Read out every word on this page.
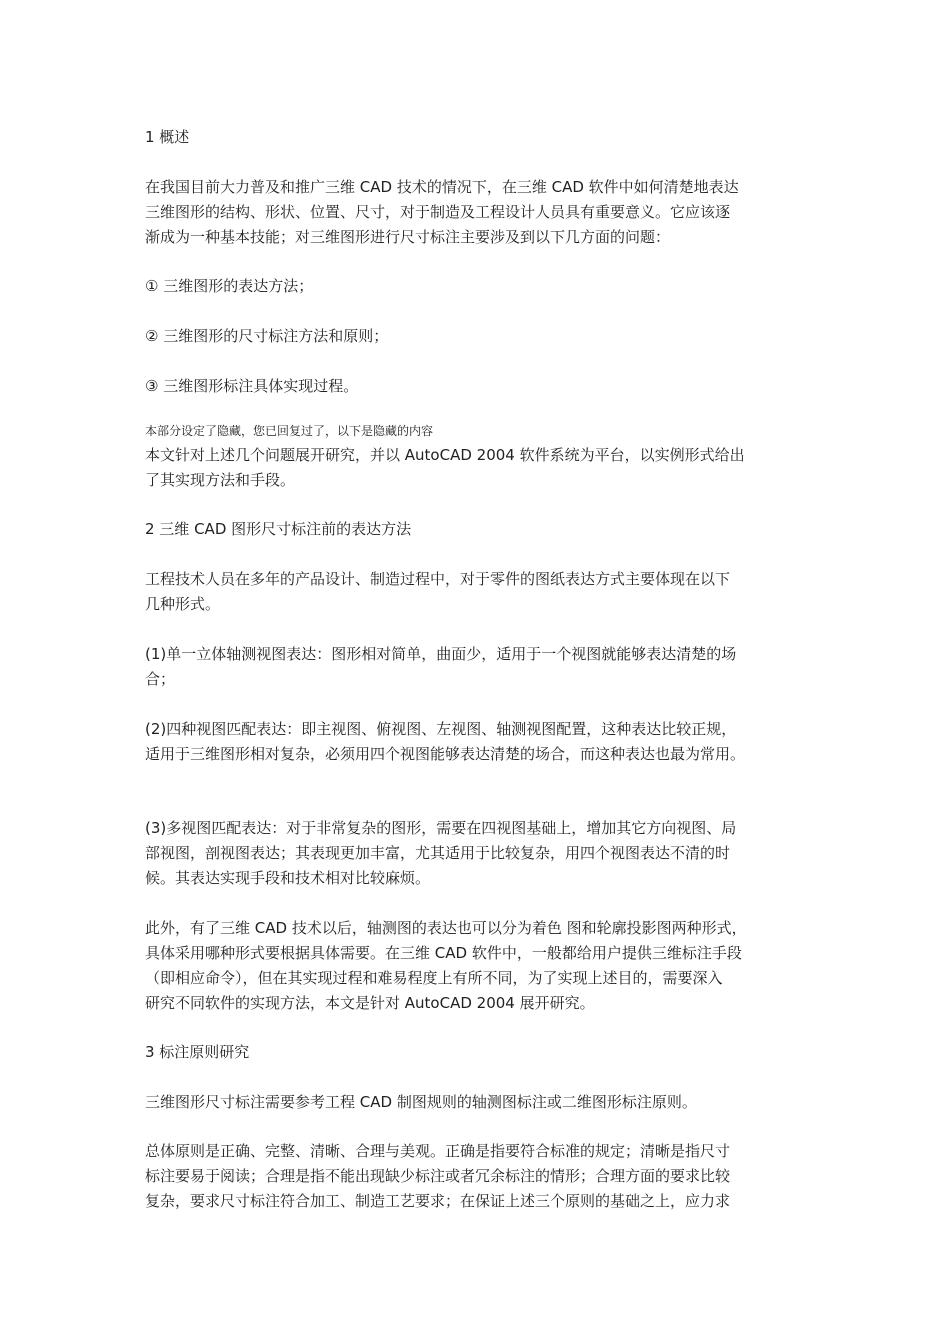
1 概述

在我国目前大力普及和推广三维 CAD 技术的情况下，在三维 CAD 软件中如何清楚地表达
三维图形的结构、形状、位置、尺寸，对于制造及工程设计人员具有重要意义。它应该逐
渐成为一种基本技能；对三维图形进行尺寸标注主要涉及到以下几方面的问题：

① 三维图形的表达方法；

② 三维图形的尺寸标注方法和原则；

③ 三维图形标注具体实现过程。

本部分设定了隐藏，您已回复过了，以下是隐藏的内容

本文针对上述几个问题展开研究，并以 AutoCAD 2004 软件系统为平台，以实例形式给出
了其实现方法和手段。

2 三维 CAD 图形尺寸标注前的表达方法

工程技术人员在多年的产品设计、制造过程中，对于零件的图纸表达方式主要体现在以下
几种形式。

(1)单一立体轴测视图表达：图形相对简单，曲面少，适用于一个视图就能够表达清楚的场
合；

(2)四种视图匹配表达：即主视图、俯视图、左视图、轴测视图配置，这种表达比较正规，
适用于三维图形相对复杂，必须用四个视图能够表达清楚的场合，而这种表达也最为常用。

(3)多视图匹配表达：对于非常复杂的图形，需要在四视图基础上，增加其它方向视图、局
部视图，剖视图表达；其表现更加丰富，尤其适用于比较复杂，用四个视图表达不清的时
候。其表达实现手段和技术相对比较麻烦。

此外，有了三维 CAD 技术以后，轴测图的表达也可以分为着色 图和轮廓投影图两种形式，
具体采用哪种形式要根据具体需要。在三维 CAD 软件中，一般都给用户提供三维标注手段
（即相应命令），但在其实现过程和难易程度上有所不同，为了实现上述目的，需要深入
研究不同软件的实现方法，本文是针对 AutoCAD 2004 展开研究。

3 标注原则研究

三维图形尺寸标注需要参考工程 CAD 制图规则的轴测图标注或二维图形标注原则。

总体原则是正确、完整、清晰、合理与美观。正确是指要符合标准的规定；清晰是指尺寸
标注要易于阅读；合理是指不能出现缺少标注或者冗余标注的情形；合理方面的要求比较
复杂，要求尺寸标注符合加工、制造工艺要求；在保证上述三个原则的基础之上，应力求
